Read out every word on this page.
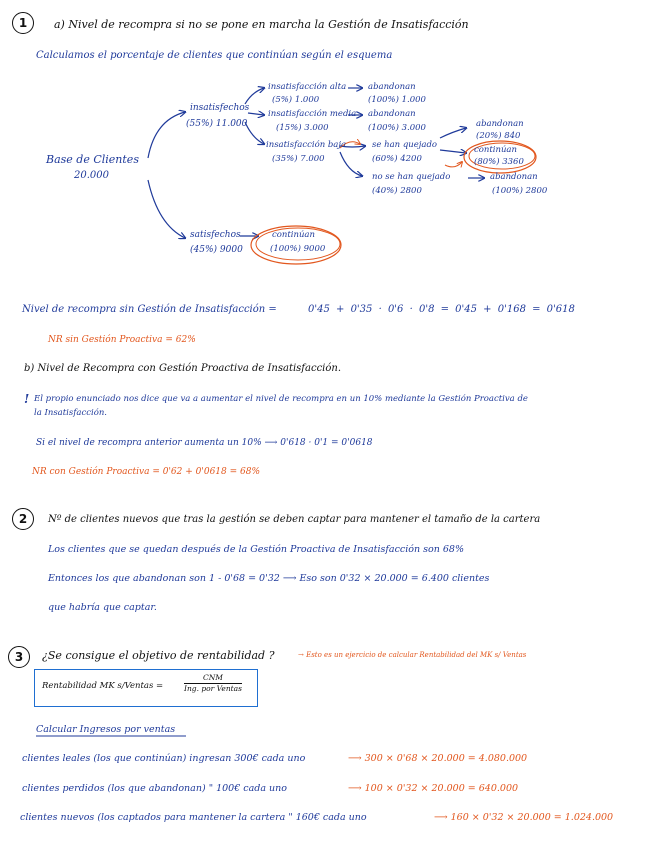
1	a) Nivel de recompra si no se pone en marcha la Gestión de Insatisfacción
Calculamos el porcentaje de clientes que continúan según el esquema
Base de Clientes
20.000
insatisfechos
(55%) 11.000
insatisfacción alta
(5%) 1.000
abandonan
(100%) 1.000
insatisfacción media
(15%) 3.000
abandonan
(100%) 3.000
insatisfacción baja
(35%) 7.000
se han quejado
(60%) 4200
abandonan
(20%) 840
continúan
(80%) 3360
no se han quejado
(40%) 2800
abandonan
(100%) 2800
satisfechos
(45%) 9000
continúan
(100%) 9000
Nivel de recompra sin Gestión de Insatisfacción =	0'45 + 0'35 · 0'6 · 0'8 = 0'45 + 0'168 = 0'618
NR sin Gestión Proactiva = 62%
b) Nivel de Recompra con Gestión Proactiva de Insatisfacción.
! El propio enunciado nos dice que va a aumentar el nivel de recompra en un 10% mediante la Gestión Proactiva de
la Insatisfacción.
Si el nivel de recompra anterior aumenta un 10% ⟶ 0'618 · 0'1 = 0'0618
NR con Gestión Proactiva = 0'62 + 0'0618 = 68%
2	Nº de clientes nuevos que tras la gestión se deben captar para mantener el tamaño de la cartera
Los clientes que se quedan después de la Gestión Proactiva de Insatisfacción son 68%
Entonces los que abandonan son 1 - 0'68 = 0'32 ⟶ Eso son 0'32 × 20.000 = 6.400 clientes
que habría que captar.
3	¿Se consigue el objetivo de rentabilidad ?	→ Esto es un ejercicio de calcular Rentabilidad del MK s/ Ventas
Rentabilidad MK s/Ventas =
CNM
Ing. por Ventas
Calcular Ingresos por ventas
clientes leales (los que continúan) ingresan 300€ cada uno	⟶ 300 × 0'68 × 20.000 = 4.080.000
clientes perdidos (los que abandonan) " 100€ cada uno	⟶ 100 × 0'32 × 20.000 = 640.000
clientes nuevos (los captados para mantener la cartera " 160€ cada uno	⟶ 160 × 0'32 × 20.000 = 1.024.000
